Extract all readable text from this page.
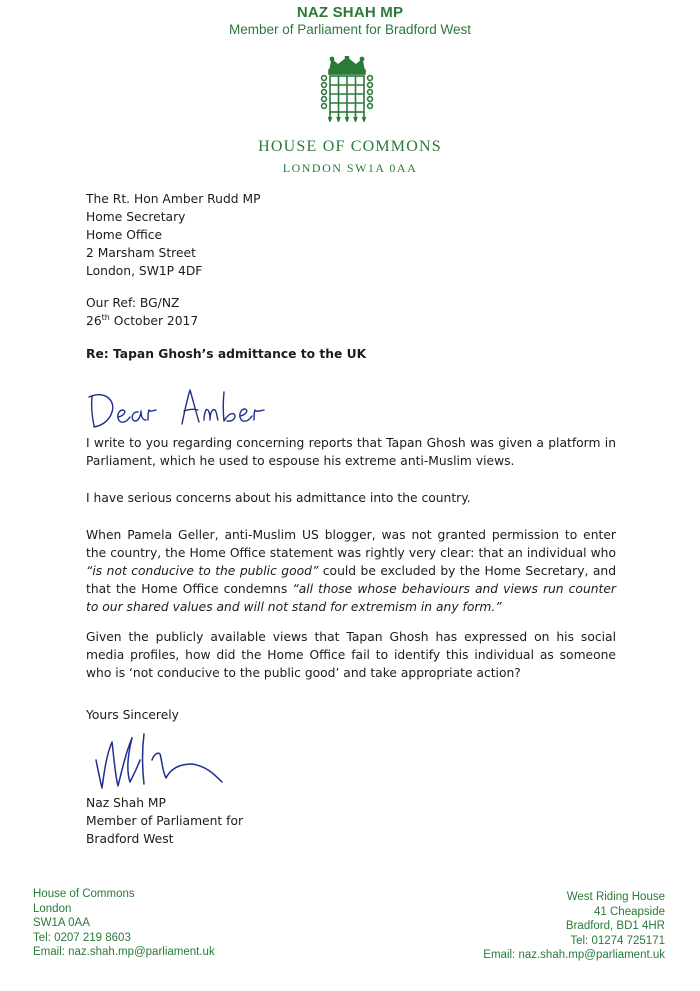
NAZ SHAH MP
Member of Parliament for Bradford West
HOUSE OF COMMONS
LONDON SW1A 0AA
The Rt. Hon Amber Rudd MP
Home Secretary
Home Office
2 Marsham Street
London, SW1P 4DF
Our Ref: BG/NZ
26th October 2017
Re: Tapan Ghosh’s admittance to the UK
I write to you regarding concerning reports that Tapan Ghosh was given a platform in Parliament, which he used to espouse his extreme anti-Muslim views.
I have serious concerns about his admittance into the country.
When Pamela Geller, anti-Muslim US blogger, was not granted permission to enter the country, the Home Office statement was rightly very clear: that an individual who “is not conducive to the public good” could be excluded by the Home Secretary, and that the Home Office condemns “all those whose behaviours and views run counter to our shared values and will not stand for extremism in any form.”
Given the publicly available views that Tapan Ghosh has expressed on his social media profiles, how did the Home Office fail to identify this individual as someone who is ‘not conducive to the public good’ and take appropriate action?
Yours Sincerely
Naz Shah MP
Member of Parliament for
Bradford West
House of Commons
London
SW1A 0AA
Tel: 0207 219 8603
Email: naz.shah.mp@parliament.uk
West Riding House
41 Cheapside
Bradford, BD1 4HR
Tel: 01274 725171
Email: naz.shah.mp@parliament.uk
